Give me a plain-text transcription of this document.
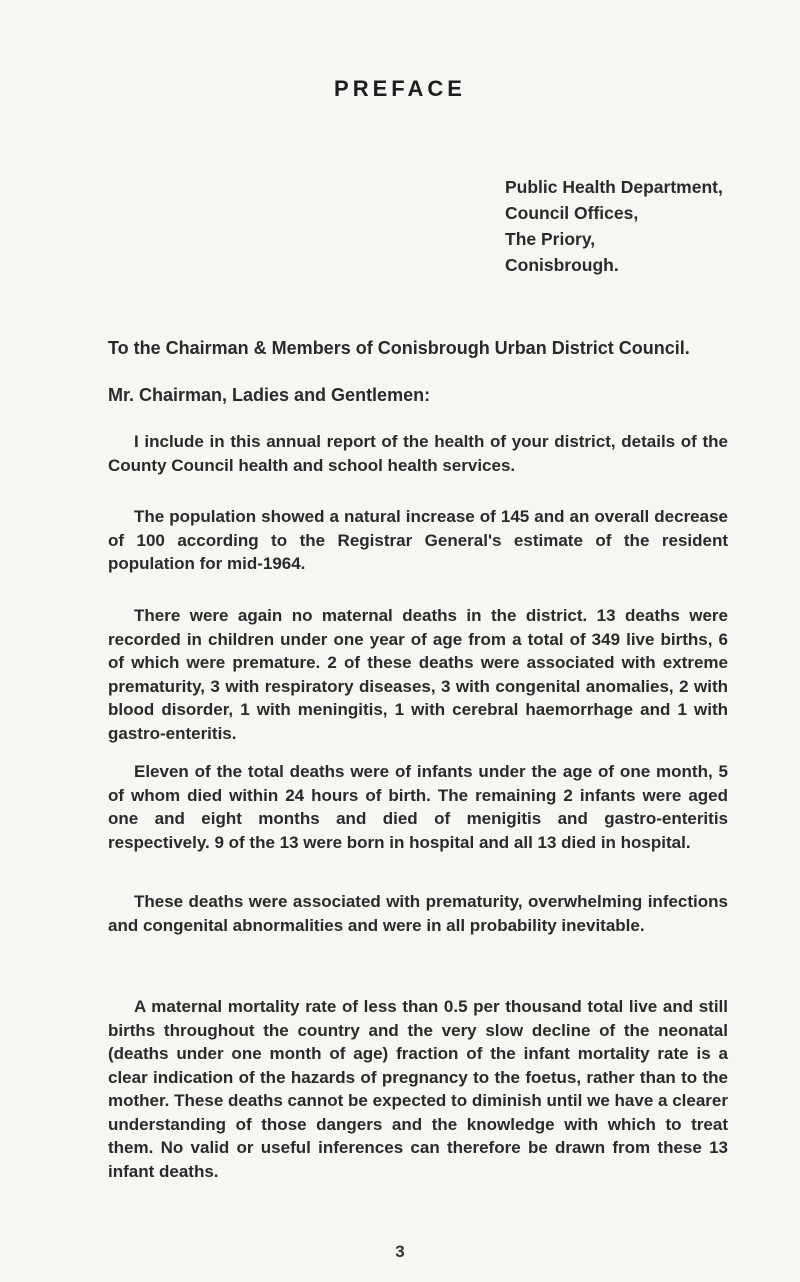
PREFACE
Public Health Department,
Council Offices,
The Priory,
Conisbrough.
To the Chairman & Members of Conisbrough Urban District Council.
Mr. Chairman, Ladies and Gentlemen:

I include in this annual report of the health of your district, details of the County Council health and school health services.

The population showed a natural increase of 145 and an overall decrease of 100 according to the Registrar General's estimate of the resident population for mid-1964.

There were again no maternal deaths in the district. 13 deaths were recorded in children under one year of age from a total of 349 live births, 6 of which were premature. 2 of these deaths were associated with extreme prematurity, 3 with respiratory diseases, 3 with congenital anomalies, 2 with blood disorder, 1 with meningitis, 1 with cerebral haemorrhage and 1 with gastro-enteritis.

Eleven of the total deaths were of infants under the age of one month, 5 of whom died within 24 hours of birth. The remaining 2 infants were aged one and eight months and died of menigitis and gastro-enteritis respectively. 9 of the 13 were born in hospital and all 13 died in hospital.

These deaths were associated with prematurity, overwhelming infections and congenital abnormalities and were in all probability inevitable.

A maternal mortality rate of less than 0.5 per thousand total live and still births throughout the country and the very slow decline of the neonatal (deaths under one month of age) fraction of the infant mortality rate is a clear indication of the hazards of pregnancy to the foetus, rather than to the mother. These deaths cannot be expected to diminish until we have a clearer understanding of those dangers and the knowledge with which to treat them. No valid or useful inferences can therefore be drawn from these 13 infant deaths.

3
